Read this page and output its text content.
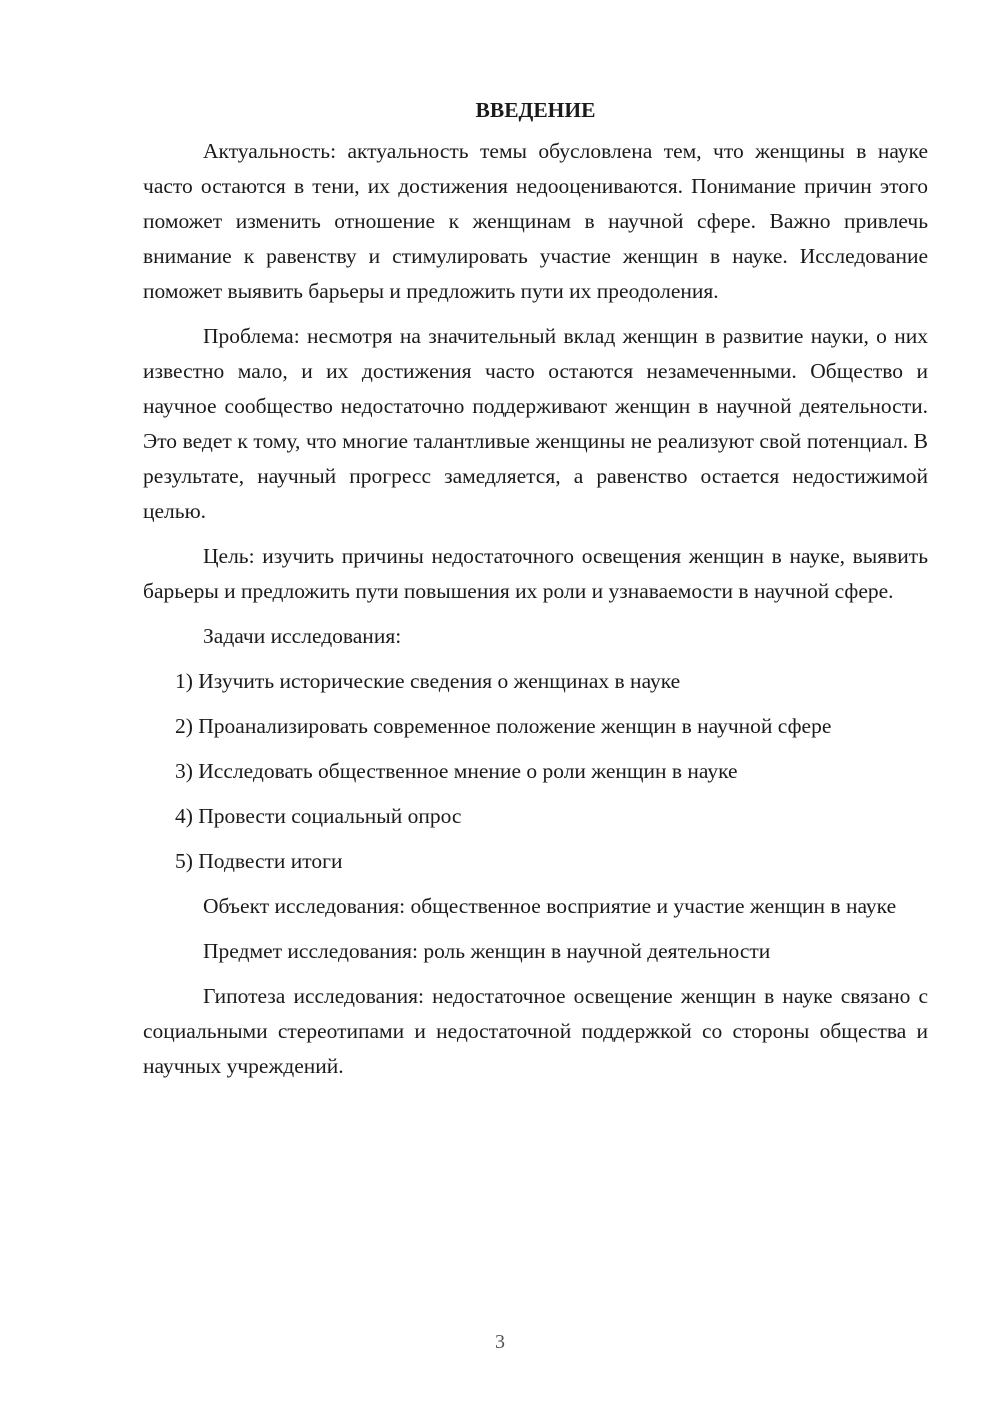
ВВЕДЕНИЕ

Актуальность: актуальность темы обусловлена тем, что женщины в науке часто остаются в тени, их достижения недооцениваются. Понимание причин этого поможет изменить отношение к женщинам в научной сфере. Важно привлечь внимание к равенству и стимулировать участие женщин в науке. Исследование поможет выявить барьеры и предложить пути их преодоления.

Проблема: несмотря на значительный вклад женщин в развитие науки, о них известно мало, и их достижения часто остаются незамеченными. Общество и научное сообщество недостаточно поддерживают женщин в научной деятельности. Это ведет к тому, что многие талантливые женщины не реализуют свой потенциал. В результате, научный прогресс замедляется, а равенство остается недостижимой целью.

Цель: изучить причины недостаточного освещения женщин в науке, выявить барьеры и предложить пути повышения их роли и узнаваемости в научной сфере.

Задачи исследования:

1) Изучить исторические сведения о женщинах в науке

2) Проанализировать современное положение женщин в научной сфере

3) Исследовать общественное мнение о роли женщин в науке

4) Провести социальный опрос

5) Подвести итоги

Объект исследования: общественное восприятие и участие женщин в науке

Предмет исследования: роль женщин в научной деятельности

Гипотеза исследования: недостаточное освещение женщин в науке связано с социальными стереотипами и недостаточной поддержкой со стороны общества и научных учреждений.

3
